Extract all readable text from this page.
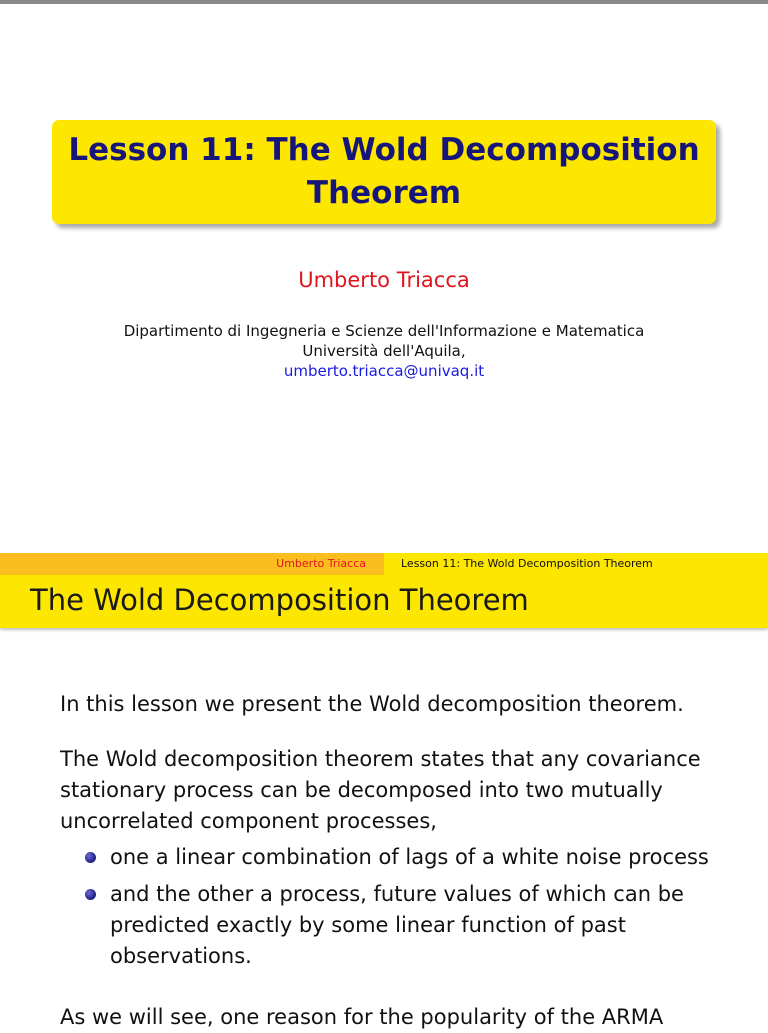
Lesson 11: The Wold Decomposition Theorem
Umberto Triacca
Dipartimento di Ingegneria e Scienze dell'Informazione e Matematica
Università dell'Aquila,
umberto.triacca@univaq.it
Umberto Triacca	Lesson 11: The Wold Decomposition Theorem
The Wold Decomposition Theorem
In this lesson we present the Wold decomposition theorem.
The Wold decomposition theorem states that any covariance stationary process can be decomposed into two mutually uncorrelated component processes,
one a linear combination of lags of a white noise process
and the other a process, future values of which can be predicted exactly by some linear function of past observations.
As we will see, one reason for the popularity of the ARMA
